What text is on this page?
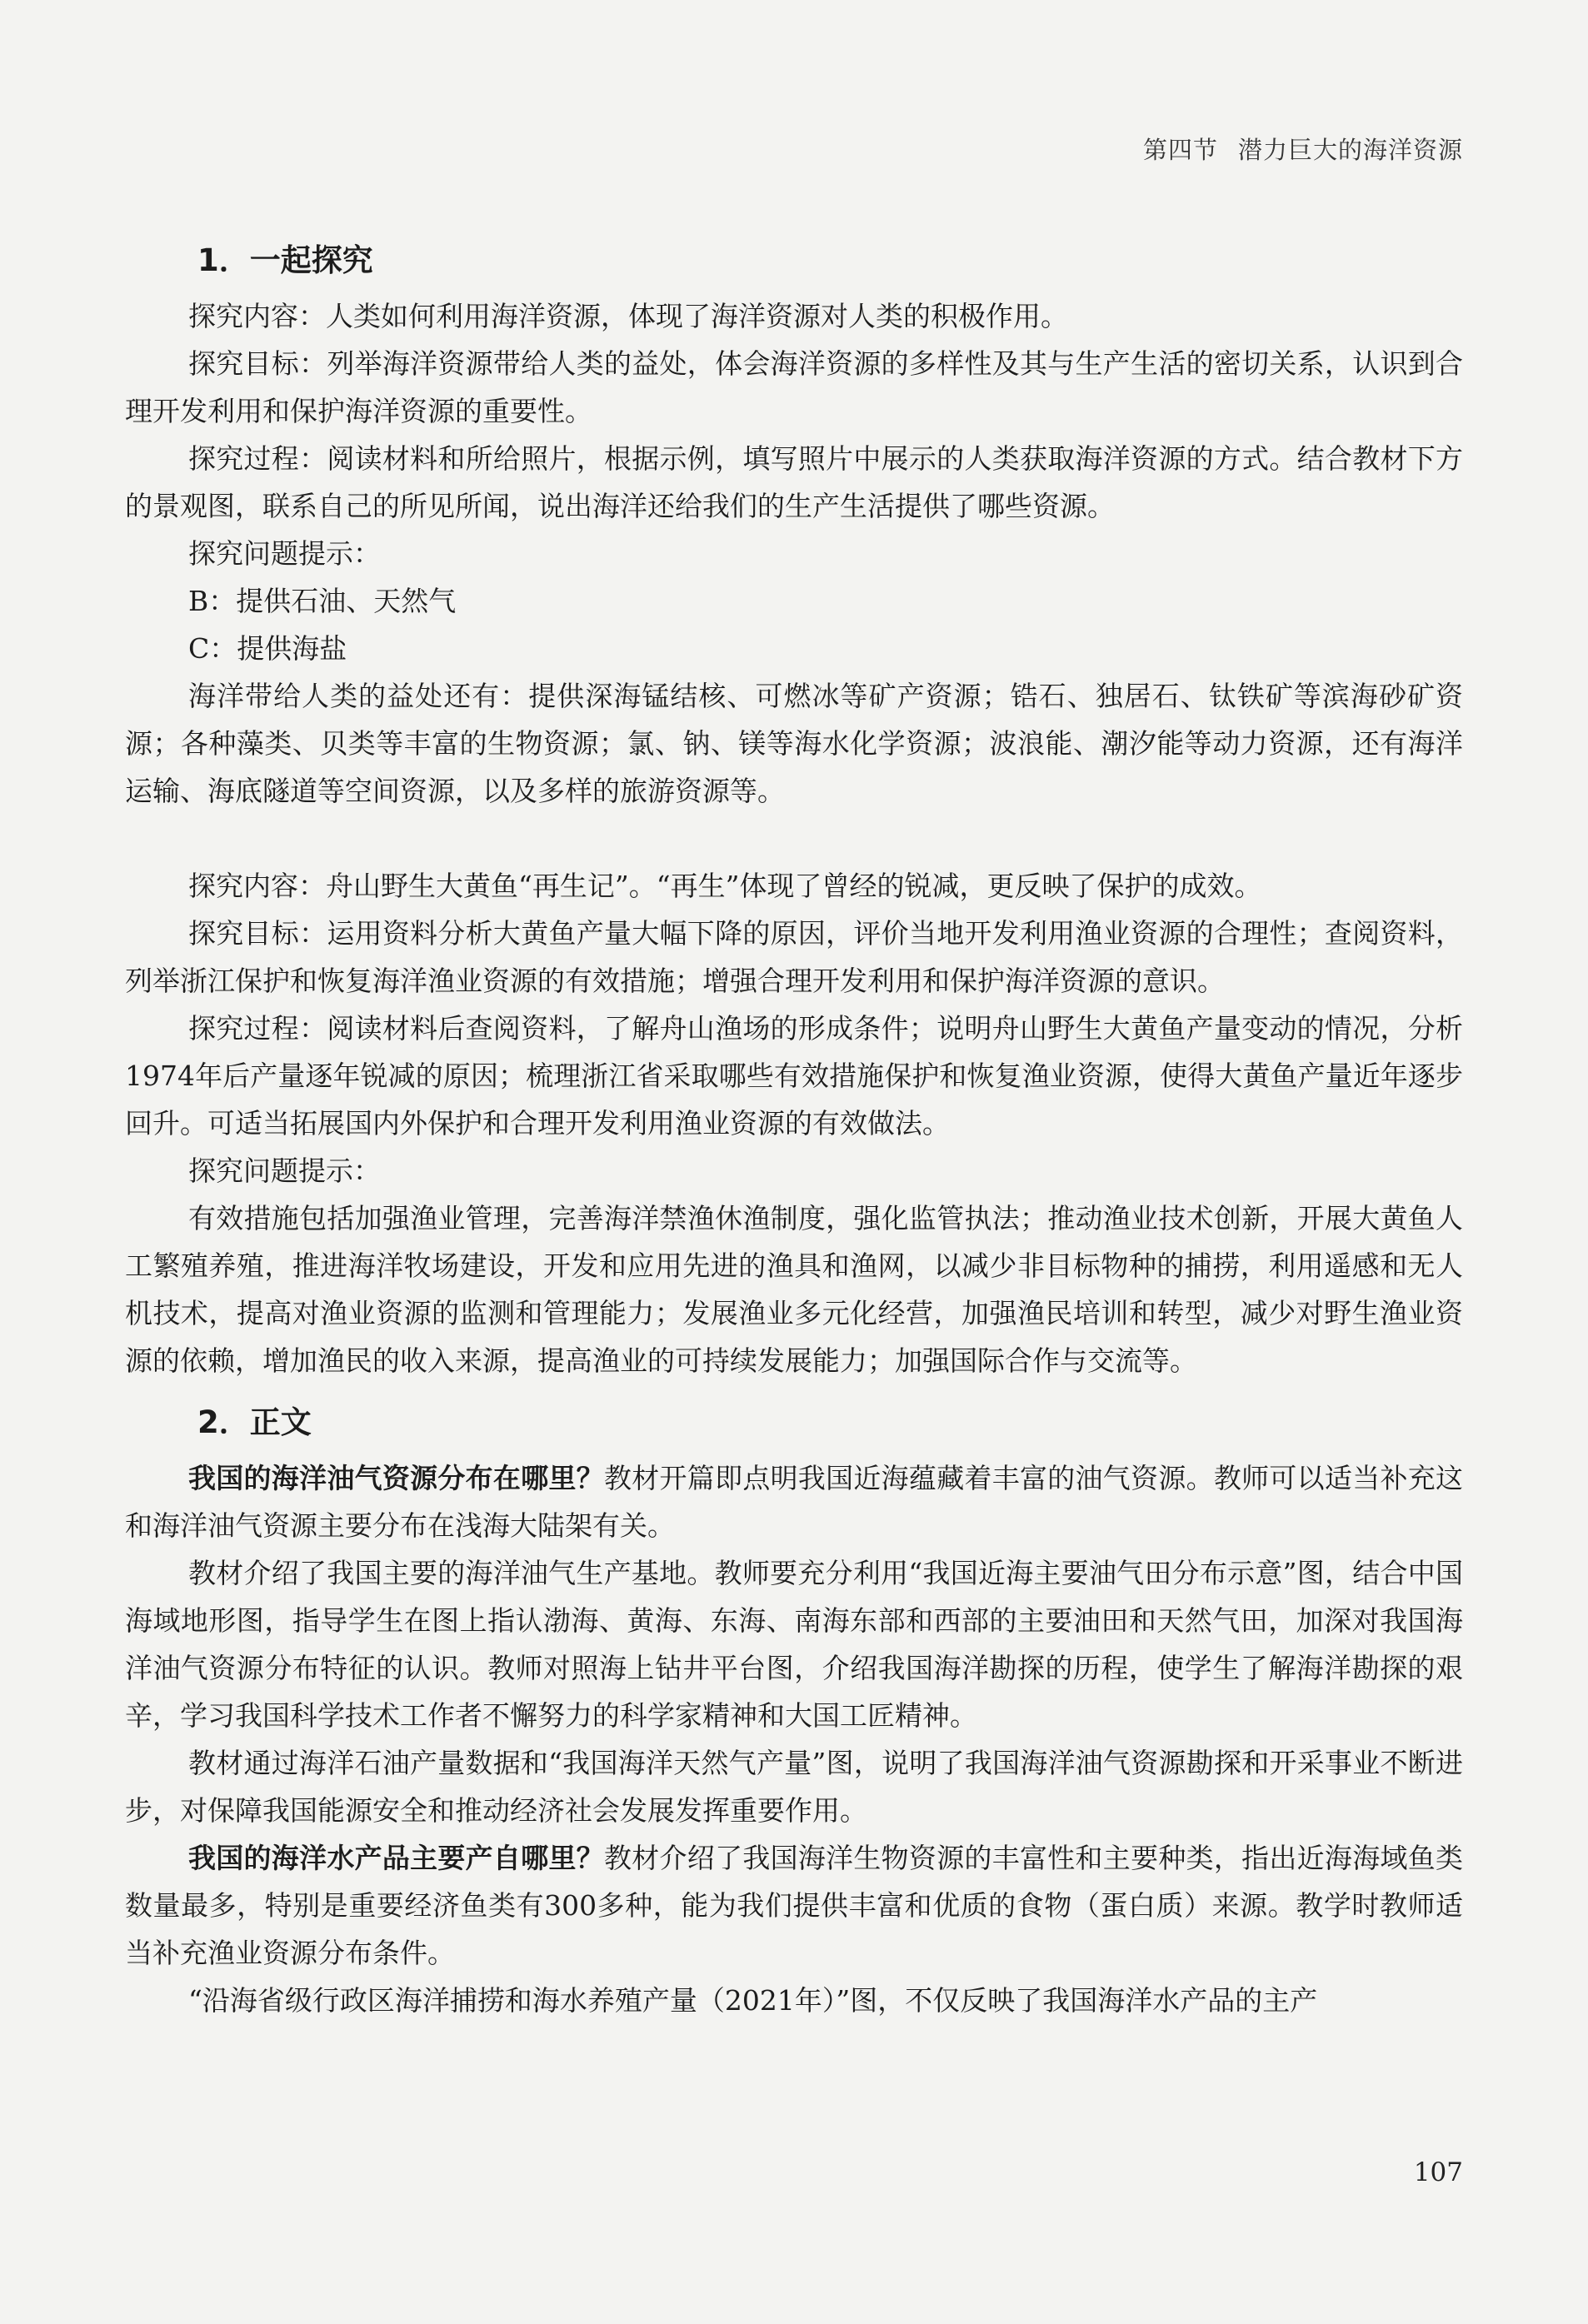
第四节 潜力巨大的海洋资源
1．一起探究

探究内容：人类如何利用海洋资源，体现了海洋资源对人类的积极作用。

探究目标：列举海洋资源带给人类的益处，体会海洋资源的多样性及其与生产生活的密切关系，认识到合理开发利用和保护海洋资源的重要性。

探究过程：阅读材料和所给照片，根据示例，填写照片中展示的人类获取海洋资源的方式。结合教材下方的景观图，联系自己的所见所闻，说出海洋还给我们的生产生活提供了哪些资源。

探究问题提示：
B：提供石油、天然气
C：提供海盐

海洋带给人类的益处还有：提供深海锰结核、可燃冰等矿产资源；锆石、独居石、钛铁矿等滨海砂矿资源；各种藻类、贝类等丰富的生物资源；氯、钠、镁等海水化学资源；波浪能、潮汐能等动力资源，还有海洋运输、海底隧道等空间资源，以及多样的旅游资源等。

探究内容：舟山野生大黄鱼“再生记”。“再生”体现了曾经的锐减，更反映了保护的成效。

探究目标：运用资料分析大黄鱼产量大幅下降的原因，评价当地开发利用渔业资源的合理性；查阅资料，列举浙江保护和恢复海洋渔业资源的有效措施；增强合理开发利用和保护海洋资源的意识。

探究过程：阅读材料后查阅资料，了解舟山渔场的形成条件；说明舟山野生大黄鱼产量变动的情况，分析1974年后产量逐年锐减的原因；梳理浙江省采取哪些有效措施保护和恢复渔业资源，使得大黄鱼产量近年逐步回升。可适当拓展国内外保护和合理开发利用渔业资源的有效做法。

探究问题提示：

有效措施包括加强渔业管理，完善海洋禁渔休渔制度，强化监管执法；推动渔业技术创新，开展大黄鱼人工繁殖养殖，推进海洋牧场建设，开发和应用先进的渔具和渔网，以减少非目标物种的捕捞，利用遥感和无人机技术，提高对渔业资源的监测和管理能力；发展渔业多元化经营，加强渔民培训和转型，减少对野生渔业资源的依赖，增加渔民的收入来源，提高渔业的可持续发展能力；加强国际合作与交流等。

2．正文

我国的海洋油气资源分布在哪里？教材开篇即点明我国近海蕴藏着丰富的油气资源。教师可以适当补充这和海洋油气资源主要分布在浅海大陆架有关。

教材介绍了我国主要的海洋油气生产基地。教师要充分利用“我国近海主要油气田分布示意”图，结合中国海域地形图，指导学生在图上指认渤海、黄海、东海、南海东部和西部的主要油田和天然气田，加深对我国海洋油气资源分布特征的认识。教师对照海上钻井平台图，介绍我国海洋勘探的历程，使学生了解海洋勘探的艰辛，学习我国科学技术工作者不懈努力的科学家精神和大国工匠精神。

教材通过海洋石油产量数据和“我国海洋天然气产量”图，说明了我国海洋油气资源勘探和开采事业不断进步，对保障我国能源安全和推动经济社会发展发挥重要作用。

我国的海洋水产品主要产自哪里？教材介绍了我国海洋生物资源的丰富性和主要种类，指出近海海域鱼类数量最多，特别是重要经济鱼类有300多种，能为我们提供丰富和优质的食物（蛋白质）来源。教学时教师适当补充渔业资源分布条件。

“沿海省级行政区海洋捕捞和海水养殖产量（2021年）”图，不仅反映了我国海洋水产品的主产

107
